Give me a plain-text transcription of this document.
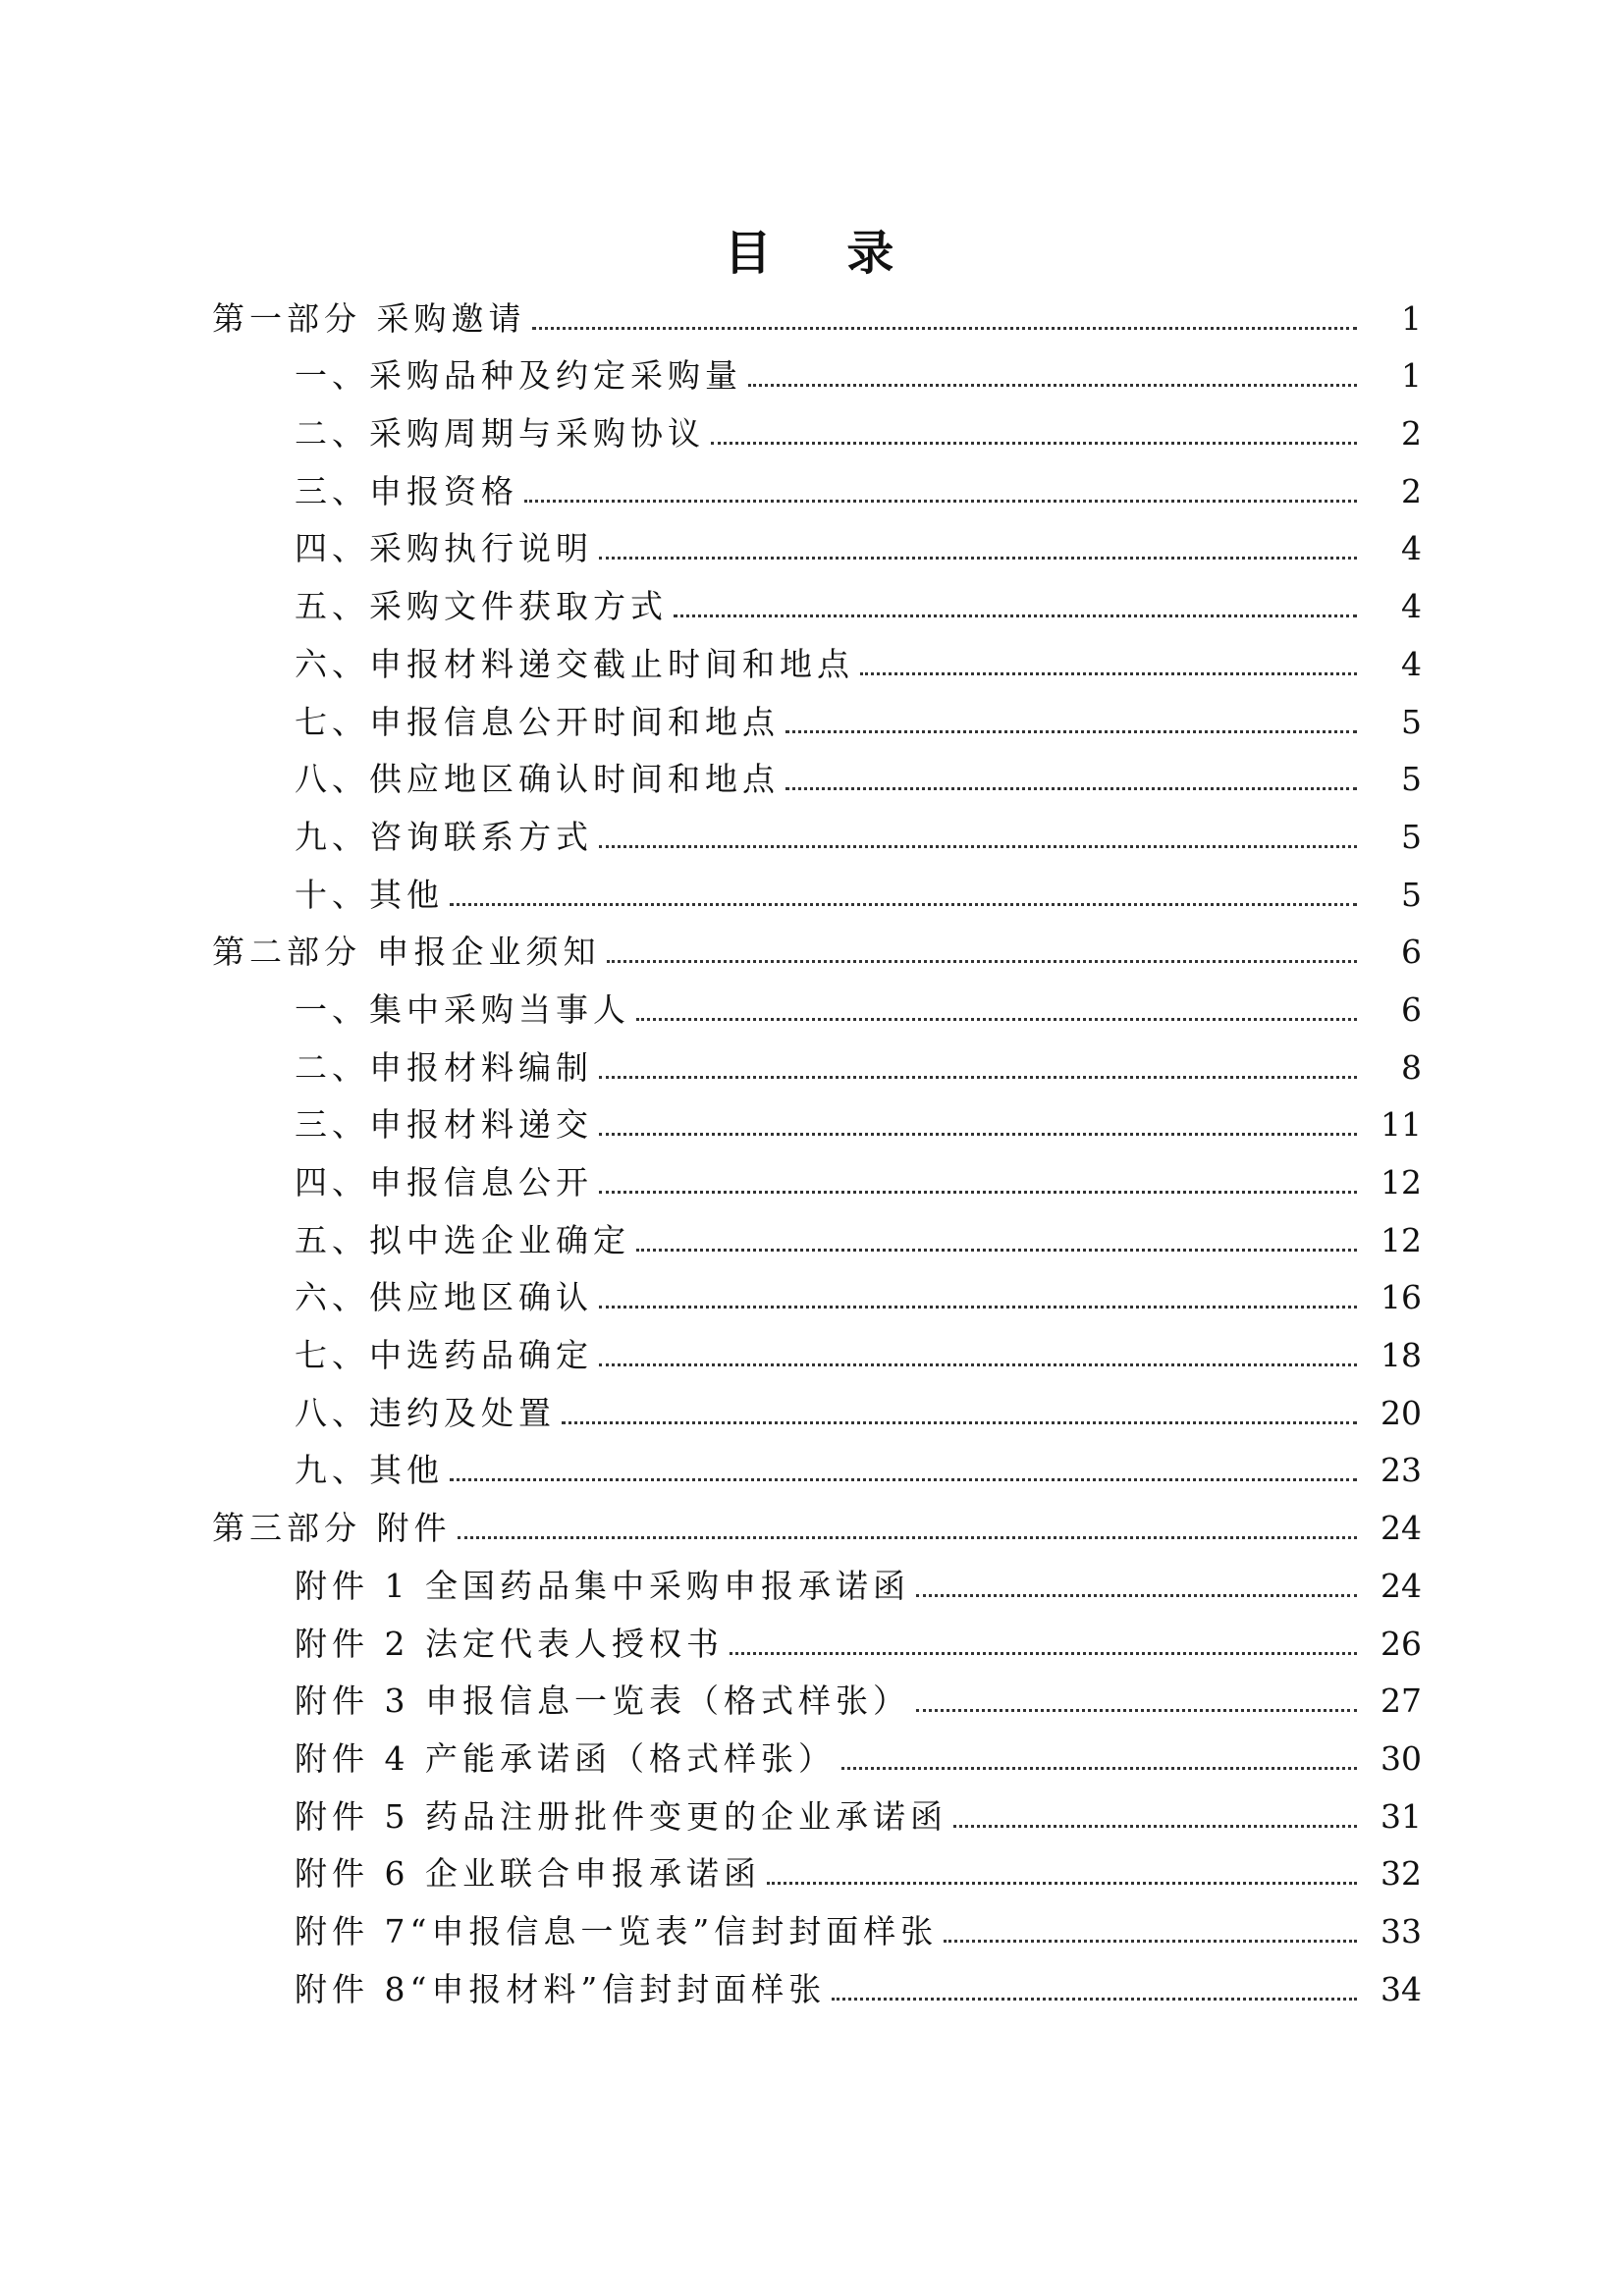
目 录
第一部分 采购邀请	1
一、采购品种及约定采购量	1
二、采购周期与采购协议	2
三、申报资格	2
四、采购执行说明	4
五、采购文件获取方式	4
六、申报材料递交截止时间和地点	4
七、申报信息公开时间和地点	5
八、供应地区确认时间和地点	5
九、咨询联系方式	5
十、其他	5
第二部分 申报企业须知	6
一、集中采购当事人	6
二、申报材料编制	8
三、申报材料递交	11
四、申报信息公开	12
五、拟中选企业确定	12
六、供应地区确认	16
七、中选药品确定	18
八、违约及处置	20
九、其他	23
第三部分 附件	24
附件 1 全国药品集中采购申报承诺函	24
附件 2 法定代表人授权书	26
附件 3 申报信息一览表（格式样张）	27
附件 4 产能承诺函（格式样张）	30
附件 5 药品注册批件变更的企业承诺函	31
附件 6 企业联合申报承诺函	32
附件 7“申报信息一览表”信封封面样张	33
附件 8“申报材料”信封封面样张	34
